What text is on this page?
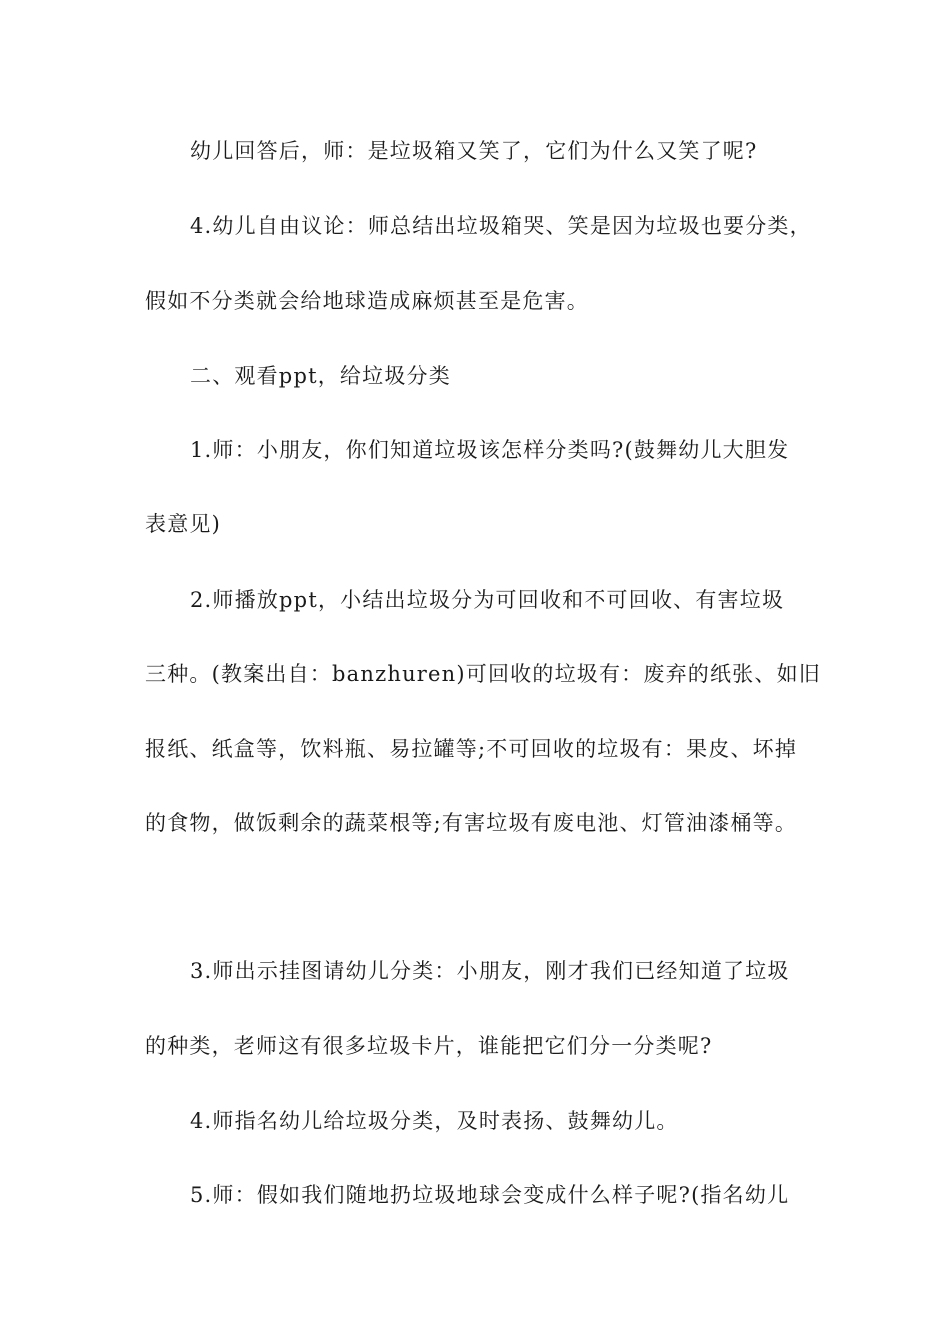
幼儿回答后，师：是垃圾箱又笑了，它们为什么又笑了呢?
4.幼儿自由议论：师总结出垃圾箱哭、笑是因为垃圾也要分类，
假如不分类就会给地球造成麻烦甚至是危害。
二、观看ppt，给垃圾分类
1.师：小朋友，你们知道垃圾该怎样分类吗?(鼓舞幼儿大胆发
表意见)
2.师播放ppt，小结出垃圾分为可回收和不可回收、有害垃圾
三种。(教案出自：banzhuren)可回收的垃圾有：废弃的纸张、如旧
报纸、纸盒等，饮料瓶、易拉罐等;不可回收的垃圾有：果皮、坏掉
的食物，做饭剩余的蔬菜根等;有害垃圾有废电池、灯管油漆桶等。
3.师出示挂图请幼儿分类：小朋友，刚才我们已经知道了垃圾
的种类，老师这有很多垃圾卡片，谁能把它们分一分类呢?
4.师指名幼儿给垃圾分类，及时表扬、鼓舞幼儿。
5.师：假如我们随地扔垃圾地球会变成什么样子呢?(指名幼儿
